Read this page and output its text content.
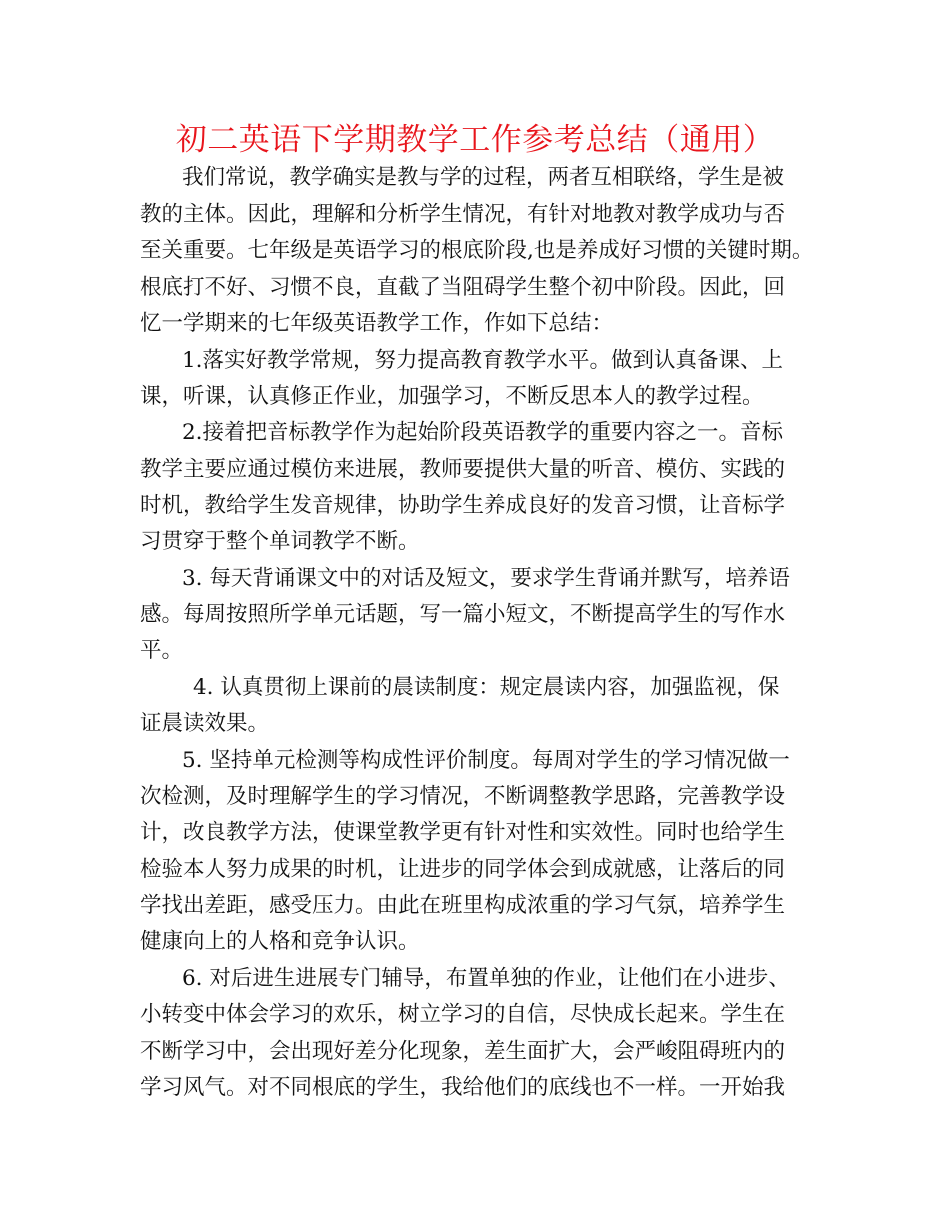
初二英语下学期教学工作参考总结（通用）

我们常说，教学确实是教与学的过程，两者互相联络，学生是被

教的主体。因此，理解和分析学生情况，有针对地教对教学成功与否

至关重要。七年级是英语学习的根底阶段,也是养成好习惯的关键时期。

根底打不好、习惯不良，直截了当阻碍学生整个初中阶段。因此，回

忆一学期来的七年级英语教学工作，作如下总结：

1.落实好教学常规，努力提高教育教学水平。做到认真备课、上

课，听课，认真修正作业，加强学习，不断反思本人的教学过程。

2.接着把音标教学作为起始阶段英语教学的重要内容之一。音标

教学主要应通过模仿来进展，教师要提供大量的听音、模仿、实践的

时机，教给学生发音规律，协助学生养成良好的发音习惯，让音标学

习贯穿于整个单词教学不断。

3. 每天背诵课文中的对话及短文，要求学生背诵并默写，培养语

感。每周按照所学单元话题，写一篇小短文，不断提高学生的写作水

平。

4. 认真贯彻上课前的晨读制度：规定晨读内容，加强监视，保

证晨读效果。

5. 坚持单元检测等构成性评价制度。每周对学生的学习情况做一

次检测，及时理解学生的学习情况，不断调整教学思路，完善教学设

计，改良教学方法，使课堂教学更有针对性和实效性。同时也给学生

检验本人努力成果的时机，让进步的同学体会到成就感，让落后的同

学找出差距，感受压力。由此在班里构成浓重的学习气氛，培养学生

健康向上的人格和竞争认识。

6. 对后进生进展专门辅导，布置单独的作业，让他们在小进步、

小转变中体会学习的欢乐，树立学习的自信，尽快成长起来。学生在

不断学习中，会出现好差分化现象，差生面扩大，会严峻阻碍班内的

学习风气。对不同根底的学生，我给他们的底线也不一样。一开始我
